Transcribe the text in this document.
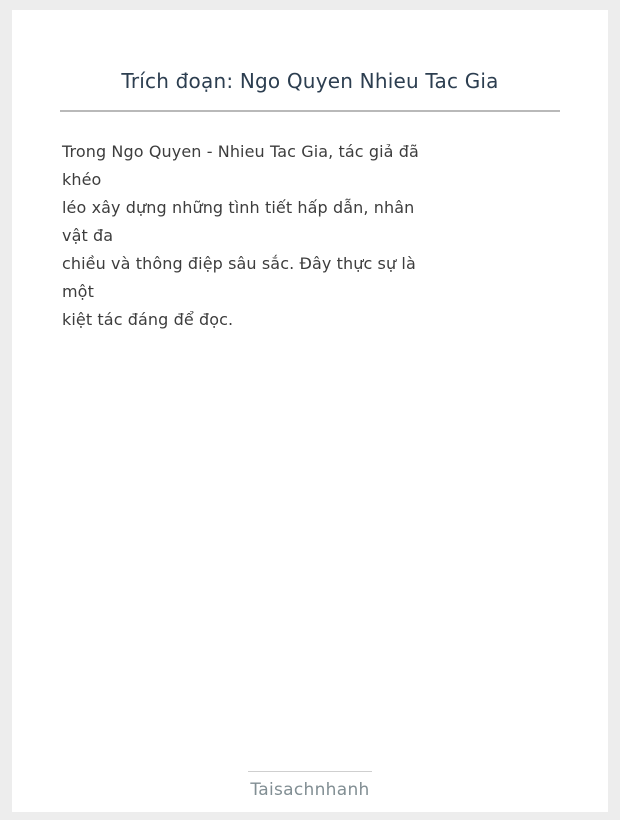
Trích đoạn: Ngo Quyen Nhieu Tac Gia
Trong Ngo Quyen - Nhieu Tac Gia, tác giả đã
khéo
léo xây dựng những tình tiết hấp dẫn, nhân
vật đa
chiều và thông điệp sâu sắc. Đây thực sự là
một
kiệt tác đáng để đọc.
Taisachnhanh
